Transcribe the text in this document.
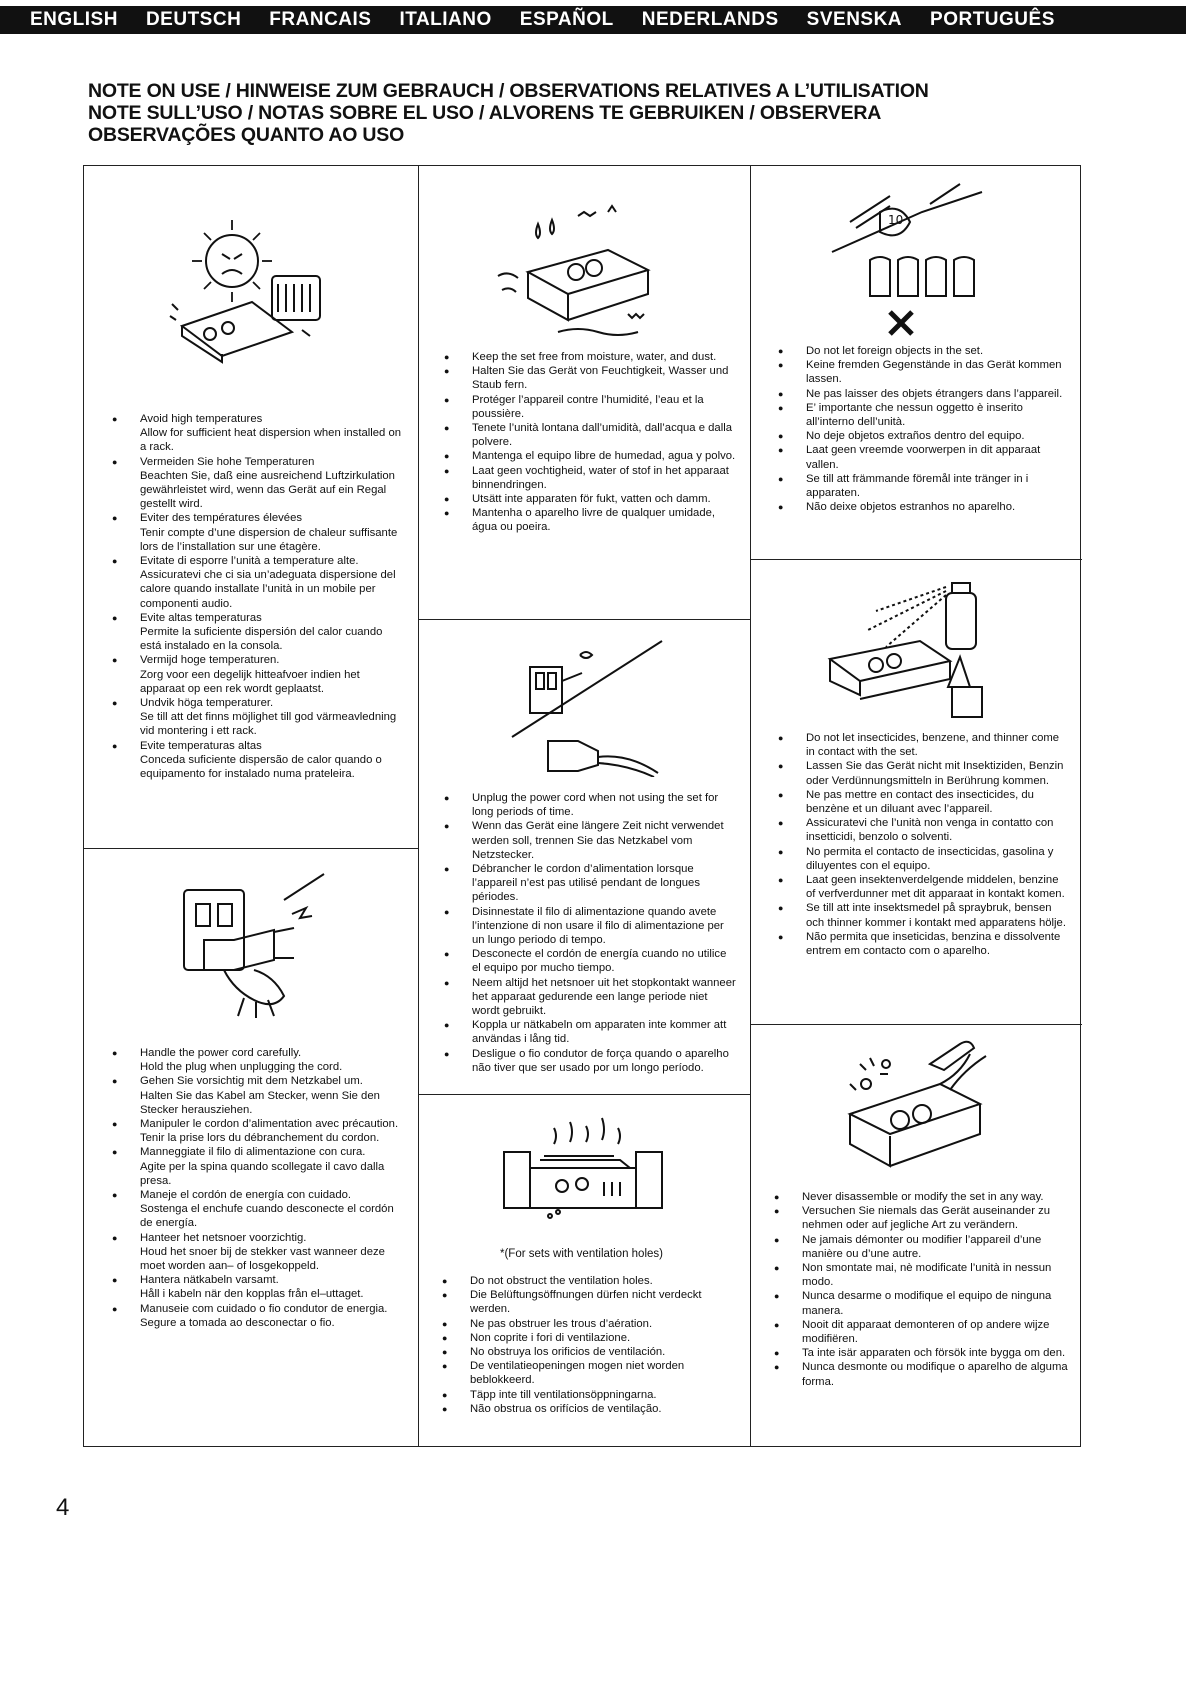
ENGLISH DEUTSCH FRANCAIS ITALIANO ESPAÑOL NEDERLANDS SVENSKA PORTUGUÊS
NOTE ON USE / HINWEISE ZUM GEBRAUCH / OBSERVATIONS RELATIVES A L’UTILISATION
NOTE SULL’USO / NOTAS SOBRE EL USO / ALVORENS TE GEBRUIKEN / OBSERVERA
OBSERVAÇÕES QUANTO AO USO
● Avoid high temperatures
Allow for sufficient heat dispersion when installed on a rack.
● Vermeiden Sie hohe Temperaturen
Beachten Sie, daß eine ausreichend Luftzirkulation gewährleistet wird, wenn das Gerät auf ein Regal gestellt wird.
● Eviter des températures élevées
Tenir compte d’une dispersion de chaleur suffisante lors de l’installation sur une étagère.
● Evitate di esporre l’unità a temperature alte.
Assicuratevi che ci sia un’adeguata dispersione del calore quando installate l’unità in un mobile per componenti audio.
● Evite altas temperaturas
Permite la suficiente dispersión del calor cuando está instalado en la consola.
● Vermijd hoge temperaturen.
Zorg voor een degelijk hitteafvoer indien het apparaat op een rek wordt geplaatst.
● Undvik höga temperaturer.
Se till att det finns möjlighet till god värmeavledning vid montering i ett rack.
● Evite temperaturas altas
Conceda suficiente dispersão de calor quando o equipamento for instalado numa prateleira.
● Handle the power cord carefully.
Hold the plug when unplugging the cord.
● Gehen Sie vorsichtig mit dem Netzkabel um.
Halten Sie das Kabel am Stecker, wenn Sie den Stecker herausziehen.
● Manipuler le cordon d’alimentation avec précaution.
Tenir la prise lors du débranchement du cordon.
● Manneggiate il filo di alimentazione con cura.
Agite per la spina quando scollegate il cavo dalla presa.
● Maneje el cordón de energía con cuidado.
Sostenga el enchufe cuando desconecte el cordón de energía.
● Hanteer het netsnoer voorzichtig.
Houd het snoer bij de stekker vast wanneer deze moet worden aan– of losgekoppeld.
● Hantera nätkabeln varsamt.
Håll i kabeln när den kopplas från el–uttaget.
● Manuseie com cuidado o fio condutor de energia.
Segure a tomada ao desconectar o fio.
● Keep the set free from moisture, water, and dust.
● Halten Sie das Gerät von Feuchtigkeit, Wasser und Staub fern.
● Protéger l’appareil contre l’humidité, l’eau et la poussière.
● Tenete l’unità lontana dall’umidità, dall’acqua e dalla polvere.
● Mantenga el equipo libre de humedad, agua y polvo.
● Laat geen vochtigheid, water of stof in het apparaat binnendringen.
● Utsätt inte apparaten för fukt, vatten och damm.
● Mantenha o aparelho livre de qualquer umidade, água ou poeira.
● Unplug the power cord when not using the set for long periods of time.
● Wenn das Gerät eine längere Zeit nicht verwendet werden soll, trennen Sie das Netzkabel vom Netzstecker.
● Débrancher le cordon d’alimentation lorsque l’appareil n’est pas utilisé pendant de longues périodes.
● Disinnestate il filo di alimentazione quando avete l’intenzione di non usare il filo di alimentazione per un lungo periodo di tempo.
● Desconecte el cordón de energía cuando no utilice el equipo por mucho tiempo.
● Neem altijd het netsnoer uit het stopkontakt wanneer het apparaat gedurende een lange periode niet wordt gebruikt.
● Koppla ur nätkabeln om apparaten inte kommer att användas i lång tid.
● Desligue o fio condutor de força quando o aparelho não tiver que ser usado por um longo período.
*(For sets with ventilation holes)
● Do not obstruct the ventilation holes.
● Die Belüftungsöffnungen dürfen nicht verdeckt werden.
● Ne pas obstruer les trous d’aération.
● Non coprite i fori di ventilazione.
● No obstruya los orificios de ventilación.
● De ventilatieopeningen mogen niet worden beblokkeerd.
● Täpp inte till ventilationsöppningarna.
● Não obstrua os orifícios de ventilação.
10
● Do not let foreign objects in the set.
● Keine fremden Gegenstände in das Gerät kommen lassen.
● Ne pas laisser des objets étrangers dans l’appareil.
● E’ importante che nessun oggetto è inserito all’interno dell’unità.
● No deje objetos extraños dentro del equipo.
● Laat geen vreemde voorwerpen in dit apparaat vallen.
● Se till att främmande föremål inte tränger in i apparaten.
● Não deixe objetos estranhos no aparelho.
● Do not let insecticides, benzene, and thinner come in contact with the set.
● Lassen Sie das Gerät nicht mit Insektiziden, Benzin oder Verdünnungsmitteln in Berührung kommen.
● Ne pas mettre en contact des insecticides, du benzène et un diluant avec l’appareil.
● Assicuratevi che l’unità non venga in contatto con insetticidi, benzolo o solventi.
● No permita el contacto de insecticidas, gasolina y diluyentes con el equipo.
● Laat geen insektenverdelgende middelen, benzine of verfverdunner met dit apparaat in kontakt komen.
● Se till att inte insektsmedel på spraybruk, bensen och thinner kommer i kontakt med apparatens hölje.
● Não permita que inseticidas, benzina e dissolvente entrem em contacto com o aparelho.
● Never disassemble or modify the set in any way.
● Versuchen Sie niemals das Gerät auseinander zu nehmen oder auf jegliche Art zu verändern.
● Ne jamais démonter ou modifier l’appareil d’une manière ou d’une autre.
● Non smontate mai, nè modificate l’unità in nessun modo.
● Nunca desarme o modifique el equipo de ninguna manera.
● Nooit dit apparaat demonteren of op andere wijze modifiëren.
● Ta inte isär apparaten och försök inte bygga om den.
● Nunca desmonte ou modifique o aparelho de alguma forma.
4
